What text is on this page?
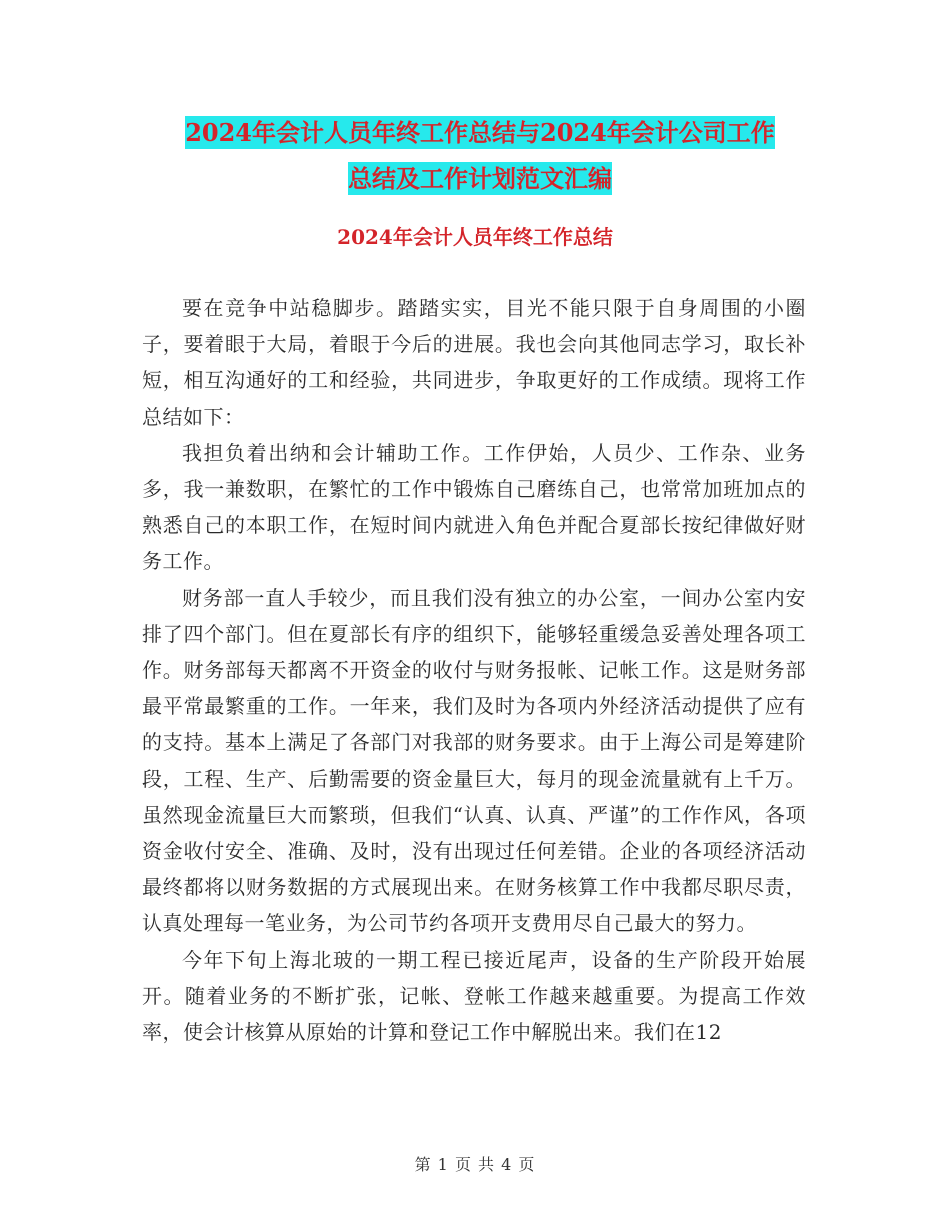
2024年会计人员年终工作总结与2024年会计公司工作
总结及工作计划范文汇编
2024年会计人员年终工作总结

要在竞争中站稳脚步。踏踏实实，目光不能只限于自身周围的小圈子，要着眼于大局，着眼于今后的进展。我也会向其他同志学习，取长补短，相互沟通好的工和经验，共同进步，争取更好的工作成绩。现将工作总结如下：

我担负着出纳和会计辅助工作。工作伊始，人员少、工作杂、业务多，我一兼数职，在繁忙的工作中锻炼自己磨练自己，也常常加班加点的熟悉自己的本职工作，在短时间内就进入角色并配合夏部长按纪律做好财务工作。

财务部一直人手较少，而且我们没有独立的办公室，一间办公室内安排了四个部门。但在夏部长有序的组织下，能够轻重缓急妥善处理各项工作。财务部每天都离不开资金的收付与财务报帐、记帐工作。这是财务部最平常最繁重的工作。一年来，我们及时为各项内外经济活动提供了应有的支持。基本上满足了各部门对我部的财务要求。由于上海公司是筹建阶段，工程、生产、后勤需要的资金量巨大，每月的现金流量就有上千万。虽然现金流量巨大而繁琐，但我们“认真、认真、严谨”的工作作风，各项资金收付安全、准确、及时，没有出现过任何差错。企业的各项经济活动最终都将以财务数据的方式展现出来。在财务核算工作中我都尽职尽责，认真处理每一笔业务，为公司节约各项开支费用尽自己最大的努力。

今年下旬上海北玻的一期工程已接近尾声，设备的生产阶段开始展开。随着业务的不断扩张，记帐、登帐工作越来越重要。为提高工作效率，使会计核算从原始的计算和登记工作中解脱出来。我们在12

第 1 页 共 4 页
